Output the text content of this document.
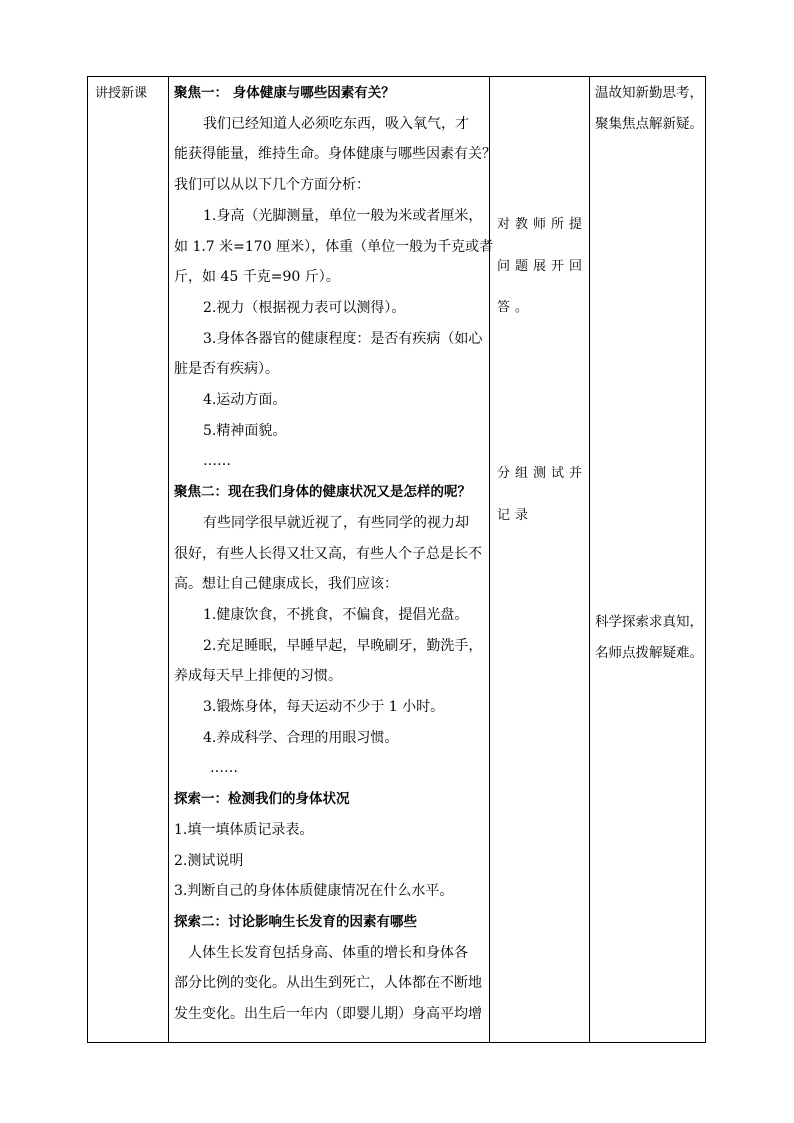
讲授新课 聚焦一： 身体健康与哪些因素有关？
我们已经知道人必须吃东西，吸入氧气，才
能获得能量，维持生命。身体健康与哪些因素有关？
我们可以从以下几个方面分析：
1.身高（光脚测量，单位一般为米或者厘米，
如 1.7 米=170 厘米），体重（单位一般为千克或者
斤，如 45 千克=90 斤）。
2.视力（根据视力表可以测得）。
3.身体各器官的健康程度：是否有疾病（如心
脏是否有疾病）。
4.运动方面。
5.精神面貌。
……
聚焦二：现在我们身体的健康状况又是怎样的呢？
有些同学很早就近视了，有些同学的视力却
很好，有些人长得又壮又高，有些人个子总是长不
高。想让自己健康成长，我们应该：
1.健康饮食，不挑食，不偏食，提倡光盘。
2.充足睡眠，早睡早起，早晚刷牙，勤洗手，
养成每天早上排便的习惯。
3.锻炼身体，每天运动不少于 1 小时。
4.养成科学、合理的用眼习惯。
……
探索一：检测我们的身体状况
1.填一填体质记录表。
2.测试说明
3.判断自己的身体体质健康情况在什么水平。
探索二：讨论影响生长发育的因素有哪些
人体生长发育包括身高、体重的增长和身体各
部分比例的变化。从出生到死亡，人体都在不断地
发生变化。出生后一年内（即婴儿期）身高平均增
对教师所提
问题展开回
答。
分组测试并
记录
温故知新勤思考，
聚集焦点解新疑。
科学探索求真知，
名师点拨解疑难。
